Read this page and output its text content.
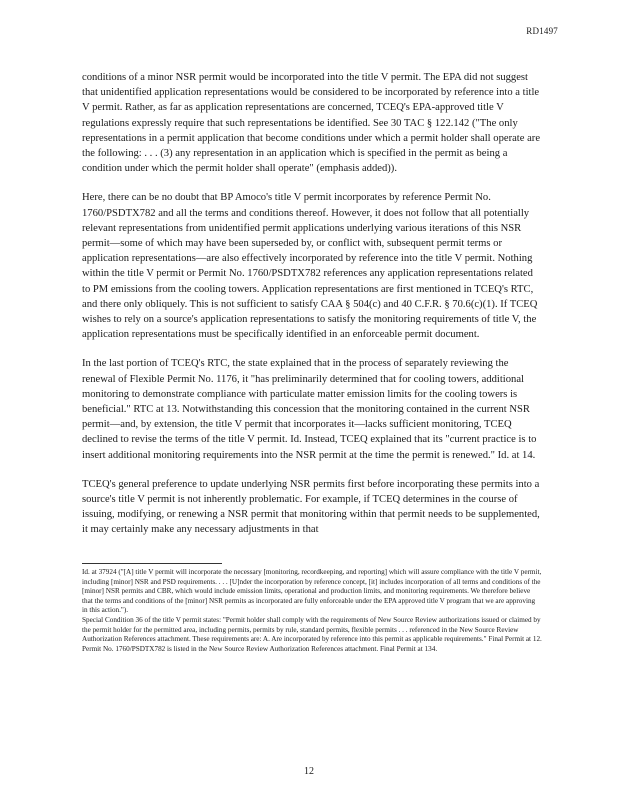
RD1497

conditions of a minor NSR permit would be incorporated into the title V permit. The EPA did not suggest that unidentified application representations would be considered to be incorporated by reference into a title V permit. Rather, as far as application representations are concerned, TCEQ's EPA-approved title V regulations expressly require that such representations be identified. See 30 TAC § 122.142 ("The only representations in a permit application that become conditions under which a permit holder shall operate are the following: . . . (3) any representation in an application which is specified in the permit as being a condition under which the permit holder shall operate" (emphasis added)).

Here, there can be no doubt that BP Amoco's title V permit incorporates by reference Permit No. 1760/PSDTX782 and all the terms and conditions thereof. However, it does not follow that all potentially relevant representations from unidentified permit applications underlying various iterations of this NSR permit—some of which may have been superseded by, or conflict with, subsequent permit terms or application representations—are also effectively incorporated by reference into the title V permit. Nothing within the title V permit or Permit No. 1760/PSDTX782 references any application representations related to PM emissions from the cooling towers. Application representations are first mentioned in TCEQ's RTC, and there only obliquely. This is not sufficient to satisfy CAA § 504(c) and 40 C.F.R. § 70.6(c)(1). If TCEQ wishes to rely on a source's application representations to satisfy the monitoring requirements of title V, the application representations must be specifically identified in an enforceable permit document.

In the last portion of TCEQ's RTC, the state explained that in the process of separately reviewing the renewal of Flexible Permit No. 1176, it "has preliminarily determined that for cooling towers, additional monitoring to demonstrate compliance with particulate matter emission limits for the cooling towers is beneficial." RTC at 13. Notwithstanding this concession that the monitoring contained in the current NSR permit—and, by extension, the title V permit that incorporates it—lacks sufficient monitoring, TCEQ declined to revise the terms of the title V permit. Id. Instead, TCEQ explained that its "current practice is to insert additional monitoring requirements into the NSR permit at the time the permit is renewed." Id. at 14.

TCEQ's general preference to update underlying NSR permits first before incorporating these permits into a source's title V permit is not inherently problematic. For example, if TCEQ determines in the course of issuing, modifying, or renewing a NSR permit that monitoring within that permit needs to be supplemented, it may certainly make any necessary adjustments in that

Id. at 37924 ("[A] title V permit will incorporate the necessary [monitoring, recordkeeping, and reporting] which will assure compliance with the title V permit, including [minor] NSR and PSD requirements. . . . [U]nder the incorporation by reference concept, [it] includes incorporation of all terms and conditions of the [minor] NSR permits and CBR, which would include emission limits, operational and production limits, and monitoring requirements. We therefore believe that the terms and conditions of the [minor] NSR permits as incorporated are fully enforceable under the EPA approved title V program that we are approving in this action.").

Special Condition 36 of the title V permit states: "Permit holder shall comply with the requirements of New Source Review authorizations issued or claimed by the permit holder for the permitted area, including permits, permits by rule, standard permits, flexible permits . . . referenced in the New Source Review Authorization References attachment. These requirements are: A. Are incorporated by reference into this permit as applicable requirements." Final Permit at 12. Permit No. 1760/PSDTX782 is listed in the New Source Review Authorization References attachment. Final Permit at 134.

12
